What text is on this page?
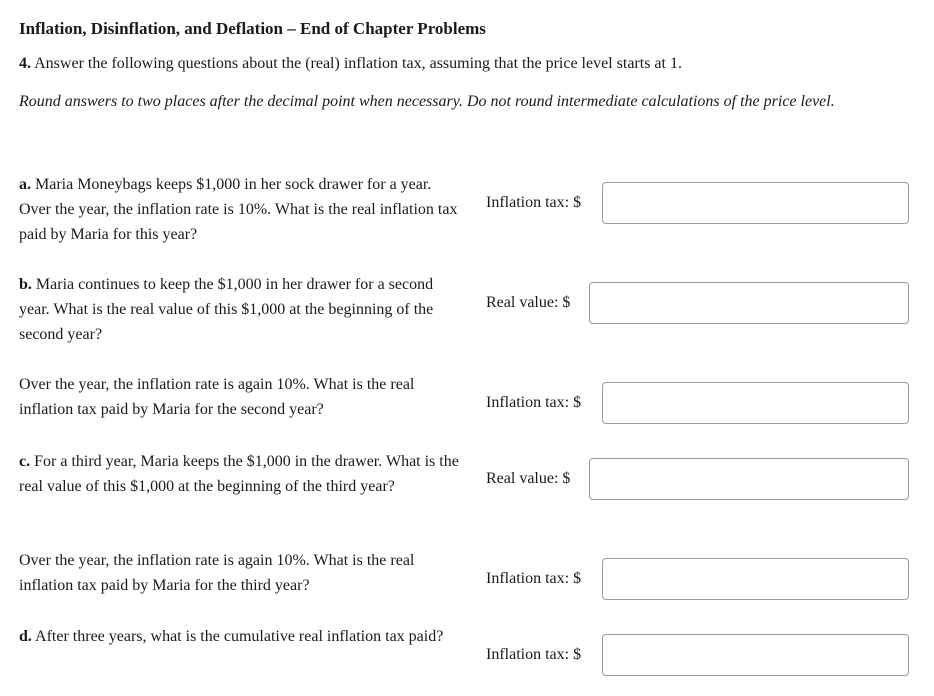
Inflation, Disinflation, and Deflation – End of Chapter Problems
4. Answer the following questions about the (real) inflation tax, assuming that the price level starts at 1.
Round answers to two places after the decimal point when necessary. Do not round intermediate calculations of the price level.
a. Maria Moneybags keeps $1,000 in her sock drawer for a year. Over the year, the inflation rate is 10%. What is the real inflation tax paid by Maria for this year?
Inflation tax: $
b. Maria continues to keep the $1,000 in her drawer for a second year. What is the real value of this $1,000 at the beginning of the second year?
Real value: $
Over the year, the inflation rate is again 10%. What is the real inflation tax paid by Maria for the second year?	Inflation tax: $
c. For a third year, Maria keeps the $1,000 in the drawer. What is the real value of this $1,000 at the beginning of the third year?	Real value: $
Over the year, the inflation rate is again 10%. What is the real inflation tax paid by Maria for the third year?	Inflation tax: $
d. After three years, what is the cumulative real inflation tax paid?
Inflation tax: $
